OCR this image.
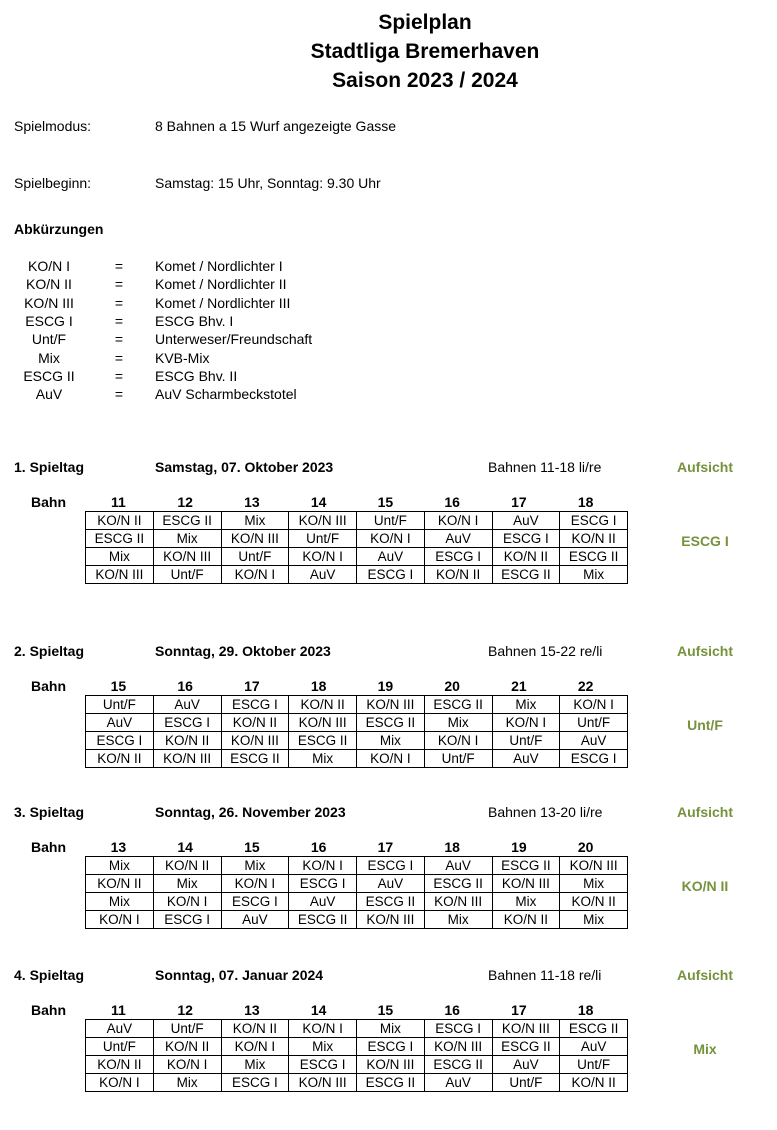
Spielplan
Stadtliga Bremerhaven
Saison 2023 / 2024
Spielmodus:	8 Bahnen a 15 Wurf angezeigte Gasse
Spielbeginn:	Samstag: 15 Uhr, Sonntag: 9.30 Uhr
Abkürzungen
KO/N I	= Komet / Nordlichter I
KO/N II	= Komet / Nordlichter II
KO/N III	= Komet / Nordlichter III
ESCG I	= ESCG Bhv. I
Unt/F	= Unterweser/Freundschaft
Mix	= KVB-Mix
ESCG II	= ESCG Bhv. II
AuV	= AuV Scharmbeckstotel
1. Spieltag	Samstag, 07. Oktober 2023	Bahnen 11-18 li/re	Aufsicht
ESCG I
Bahn	11	12	13	14	15	16	17	18
KO/N II	ESCG II	Mix	KO/N III	Unt/F	KO/N I	AuV	ESCG I
ESCG II	Mix	KO/N III	Unt/F	KO/N I	AuV	ESCG I	KO/N II
Mix	KO/N III	Unt/F	KO/N I	AuV	ESCG I	KO/N II	ESCG II
KO/N III	Unt/F	KO/N I	AuV	ESCG I	KO/N II	ESCG II	Mix
2. Spieltag	Sonntag, 29. Oktober 2023	Bahnen 15-22 re/li	Aufsicht
Unt/F
Bahn	15	16	17	18	19	20	21	22
Unt/F	AuV	ESCG I	KO/N II	KO/N III	ESCG II	Mix	KO/N I
AuV	ESCG I	KO/N II	KO/N III	ESCG II	Mix	KO/N I	Unt/F
ESCG I	KO/N II	KO/N III	ESCG II	Mix	KO/N I	Unt/F	AuV
KO/N II	KO/N III	ESCG II	Mix	KO/N I	Unt/F	AuV	ESCG I
3. Spieltag	Sonntag, 26. November 2023	Bahnen 13-20 li/re	Aufsicht
KO/N II
Bahn	13	14	15	16	17	18	19	20
Mix	KO/N II	Mix	KO/N I	ESCG I	AuV	ESCG II	KO/N III
KO/N II	Mix	KO/N I	ESCG I	AuV	ESCG II	KO/N III	Mix
Mix	KO/N I	ESCG I	AuV	ESCG II	KO/N III	Mix	KO/N II
KO/N I	ESCG I	AuV	ESCG II	KO/N III	Mix	KO/N II	Mix
4. Spieltag	Sonntag, 07. Januar 2024	Bahnen 11-18 re/li	Aufsicht
Mix
Bahn	11	12	13	14	15	16	17	18
AuV	Unt/F	KO/N II	KO/N I	Mix	ESCG I	KO/N III	ESCG II
Unt/F	KO/N II	KO/N I	Mix	ESCG I	KO/N III	ESCG II	AuV
KO/N II	KO/N I	Mix	ESCG I	KO/N III	ESCG II	AuV	Unt/F
KO/N I	Mix	ESCG I	KO/N III	ESCG II	AuV	Unt/F	KO/N II
